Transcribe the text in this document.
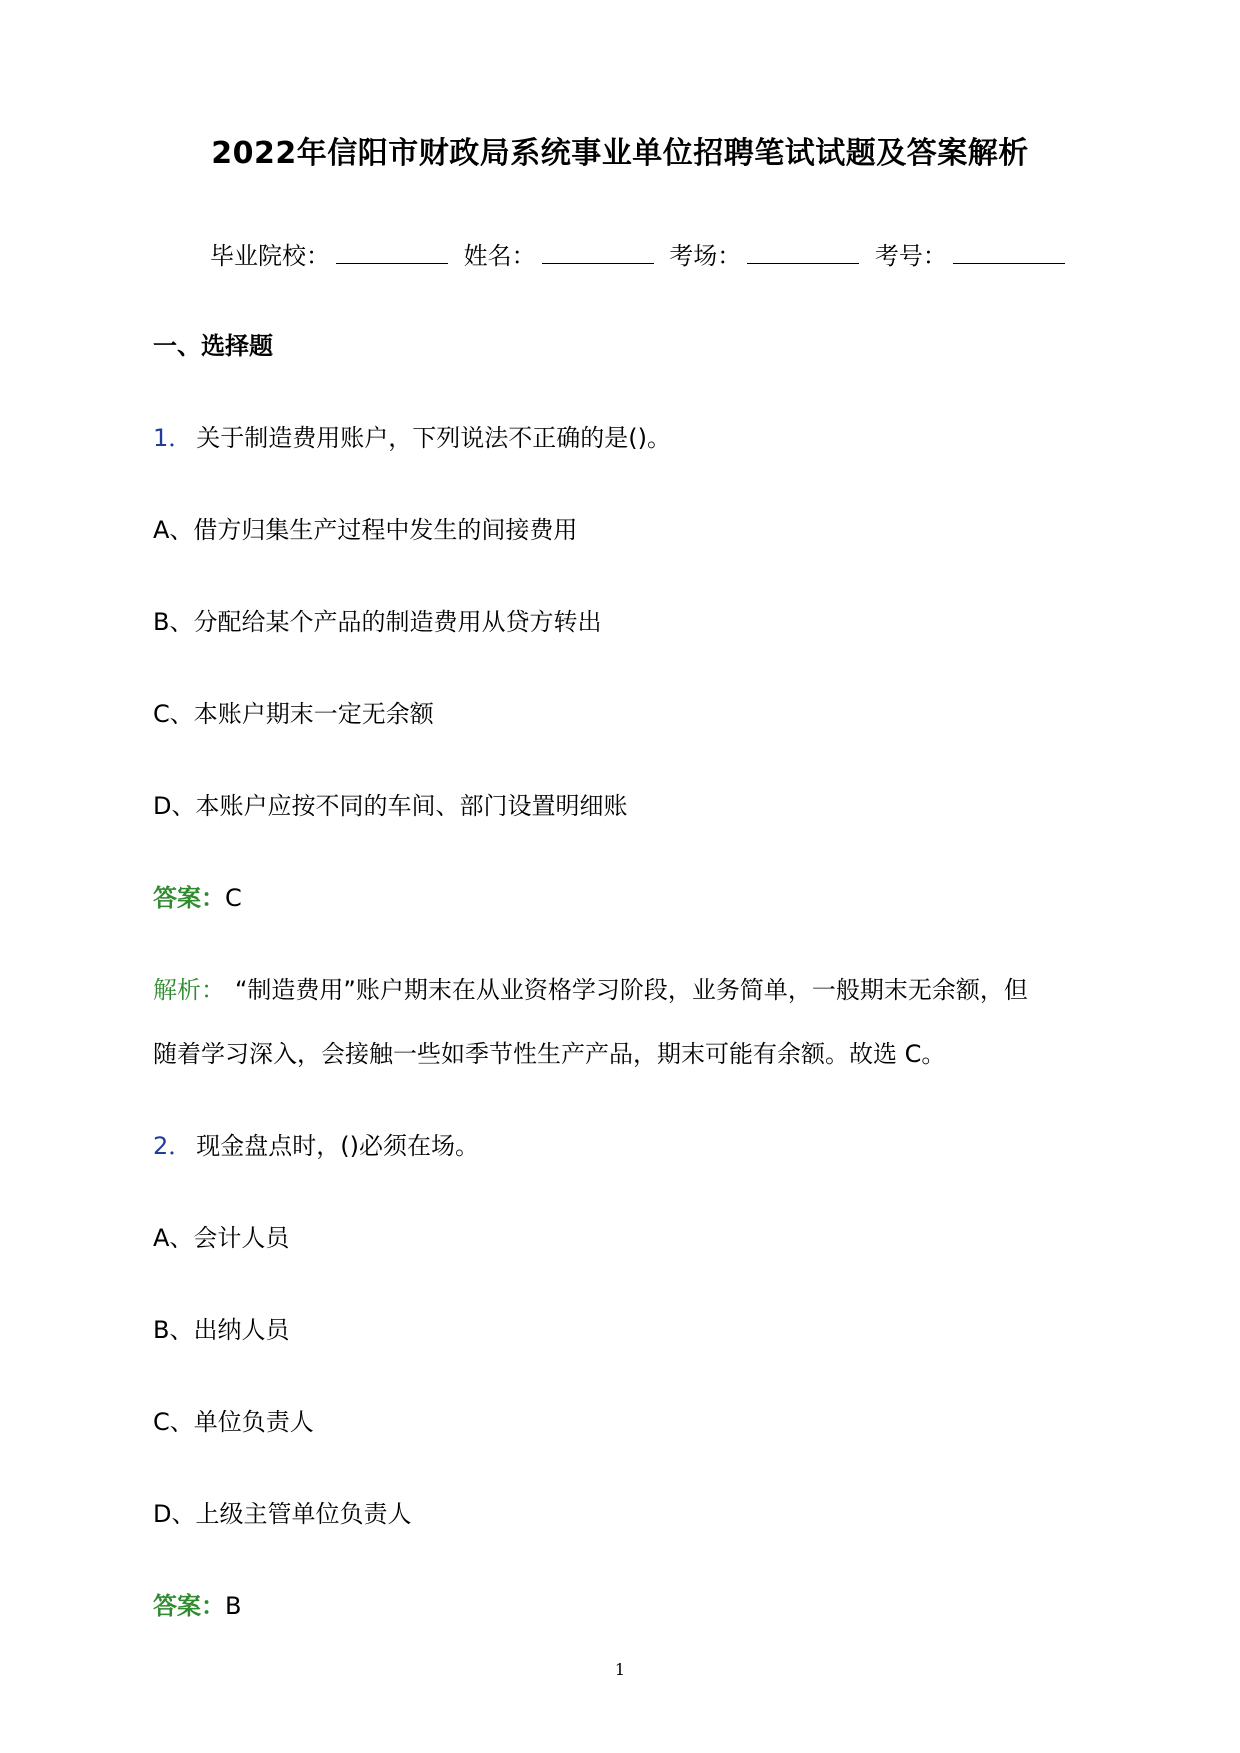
2022年信阳市财政局系统事业单位招聘笔试试题及答案解析
毕业院校：	姓名：	考场：	考号：
一、选择题
1． 关于制造费用账户，下列说法不正确的是()。
A、借方归集生产过程中发生的间接费用
B、分配给某个产品的制造费用从贷方转出
C、本账户期末一定无余额
D、本账户应按不同的车间、部门设置明细账
答案：C
解析： “制造费用”账户期末在从业资格学习阶段，业务简单，一般期末无余额，但
随着学习深入，会接触一些如季节性生产产品，期末可能有余额。故选 C。
2． 现金盘点时，()必须在场。
A、会计人员
B、出纳人员
C、单位负责人
D、上级主管单位负责人
答案：B
1
